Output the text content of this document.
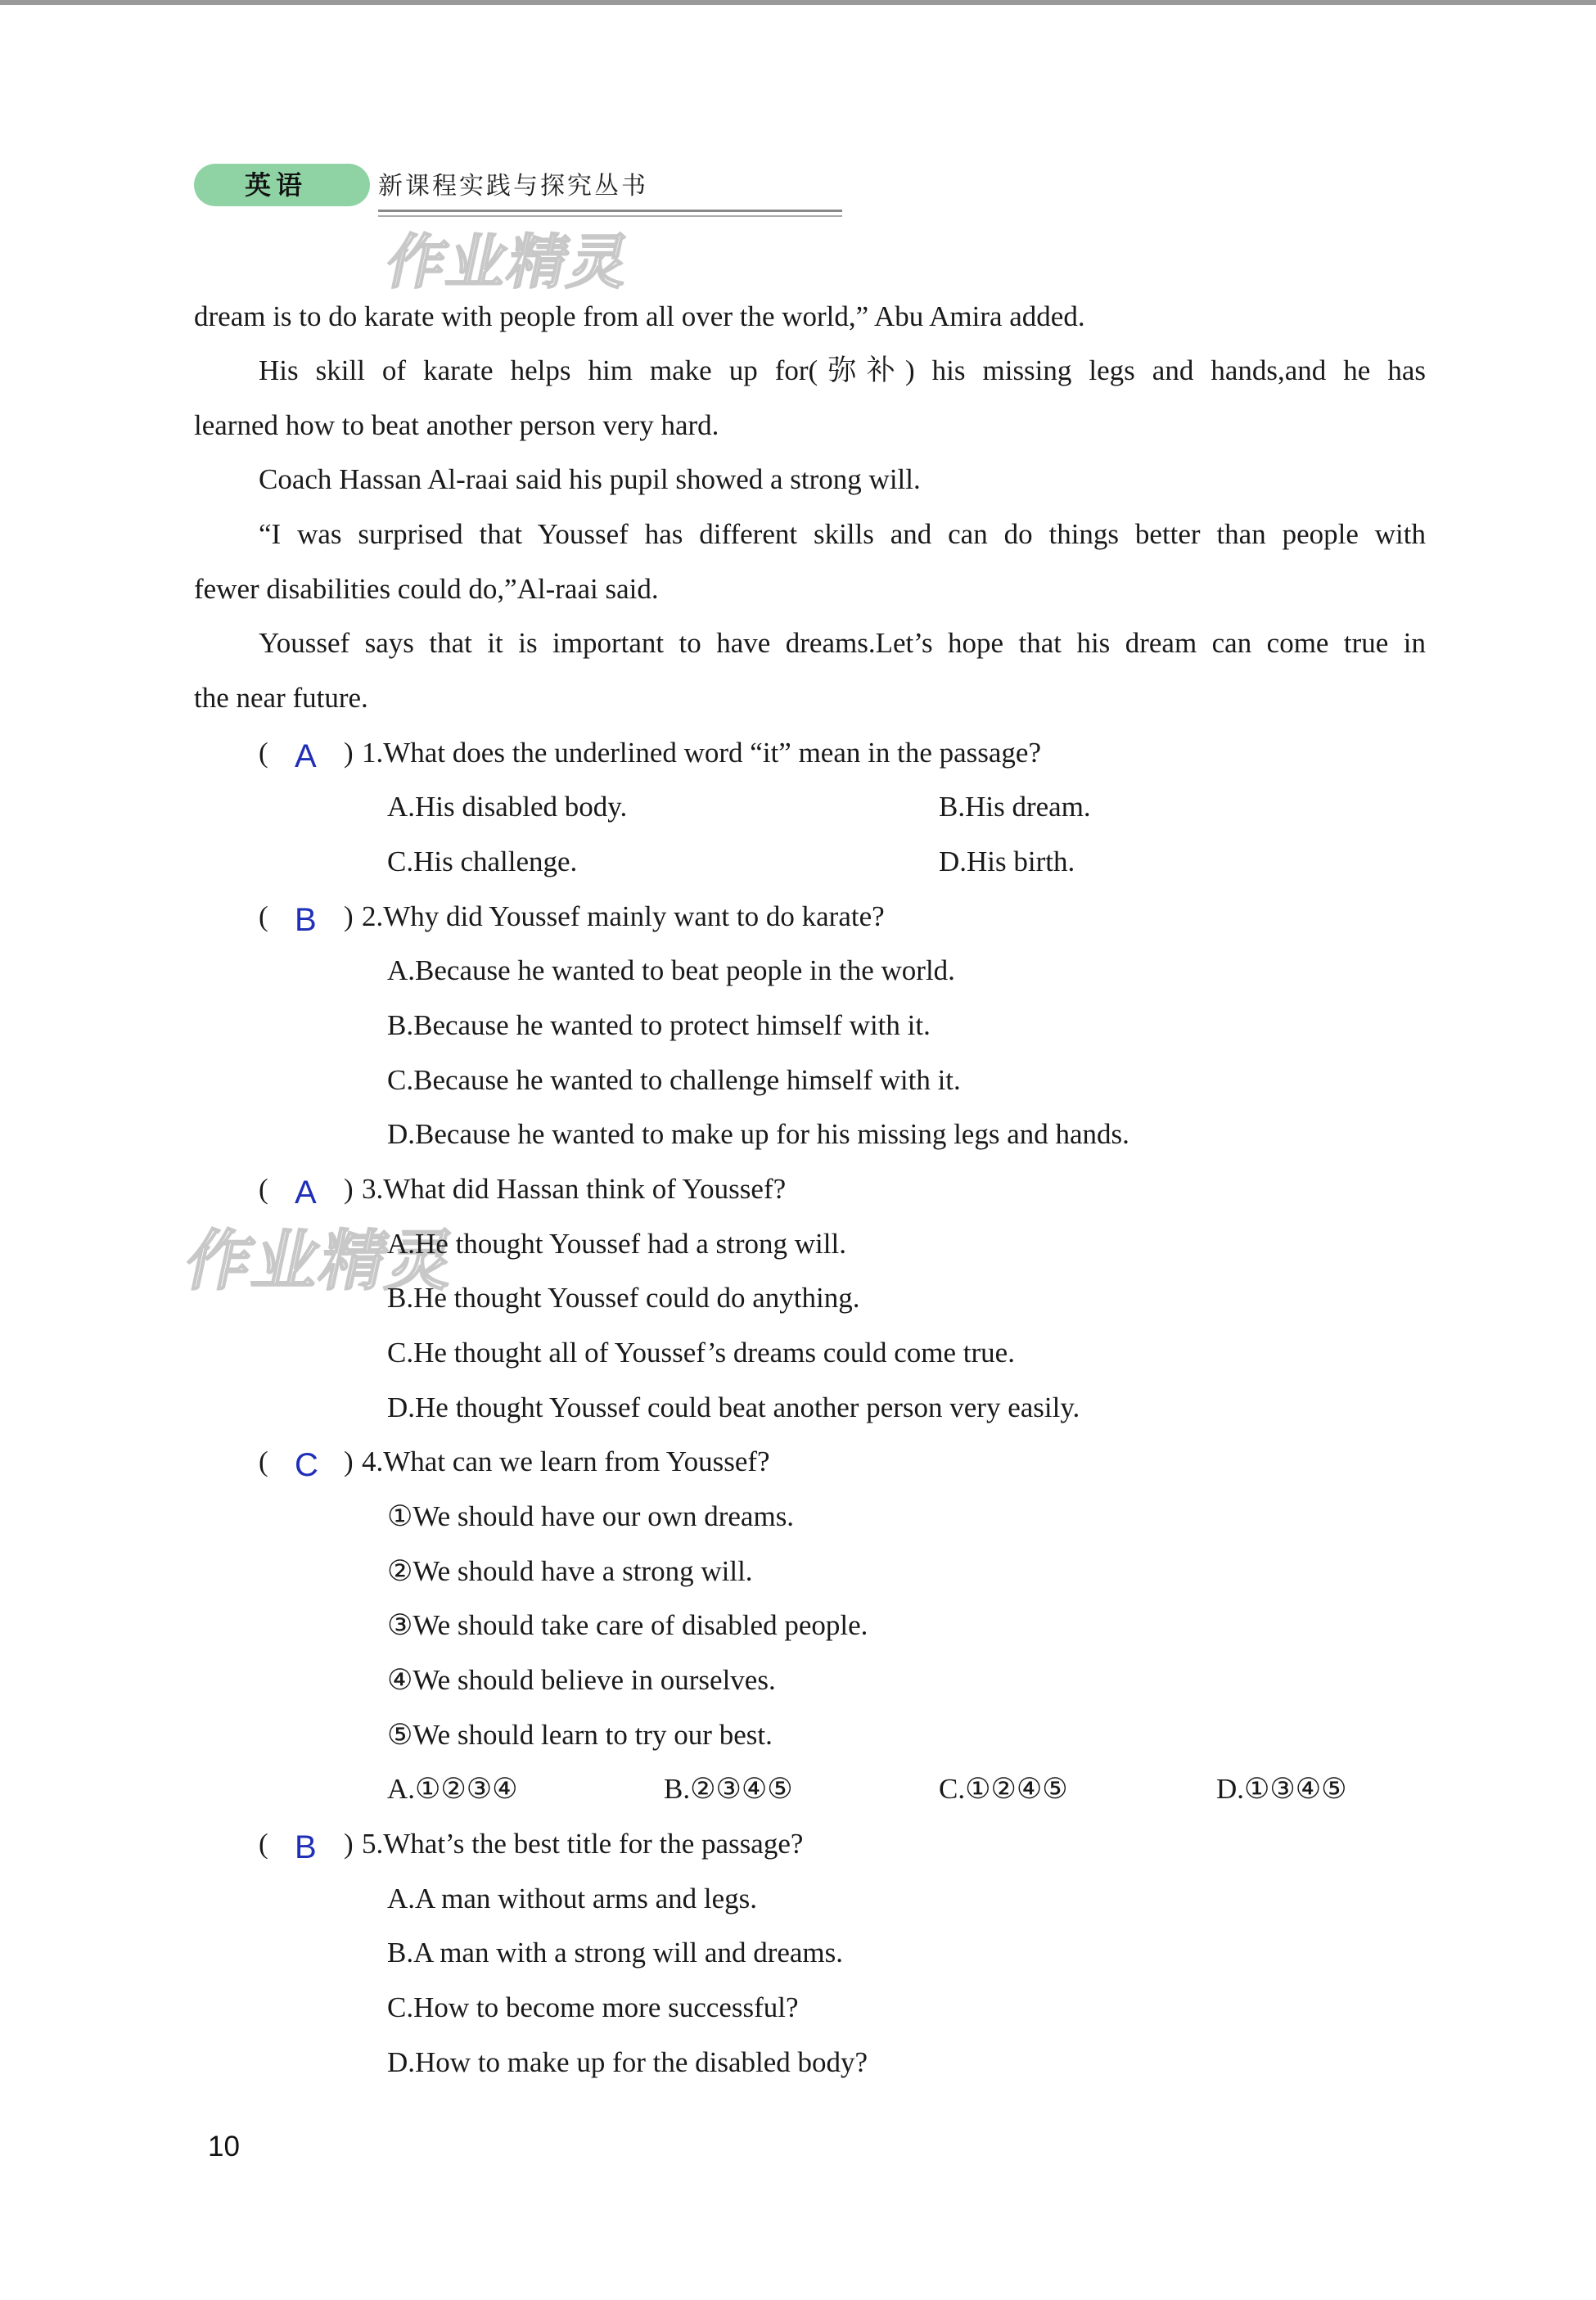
英语	新课程实践与探究丛书
作业精灵
作业精灵
dream is to do karate with people from all over the world,” Abu Amira added.
His skill of karate helps him make up for(弥补) his missing legs and hands,and he has
learned how to beat another person very hard.
Coach Hassan Al-raai said his pupil showed a strong will.
“I was surprised that Youssef has different skills and can do things better than people with
fewer disabilities could do,”Al-raai said.
Youssef says that it is important to have dreams.Let’s hope that his dream can come true in
the near future.
( A ) 1.What does the underlined word “it” mean in the passage?
A.His disabled body.	B.His dream.
C.His challenge.	D.His birth.
( B ) 2.Why did Youssef mainly want to do karate?
A.Because he wanted to beat people in the world.
B.Because he wanted to protect himself with it.
C.Because he wanted to challenge himself with it.
D.Because he wanted to make up for his missing legs and hands.
( A ) 3.What did Hassan think of Youssef?
A.He thought Youssef had a strong will.
B.He thought Youssef could do anything.
C.He thought all of Youssef’s dreams could come true.
D.He thought Youssef could beat another person very easily.
( C ) 4.What can we learn from Youssef?
①We should have our own dreams.
②We should have a strong will.
③We should take care of disabled people.
④We should believe in ourselves.
⑤We should learn to try our best.
A.①②③④	B.②③④⑤	C.①②④⑤	D.①③④⑤
( B ) 5.What’s the best title for the passage?
A.A man without arms and legs.
B.A man with a strong will and dreams.
C.How to become more successful?
D.How to make up for the disabled body?
10
